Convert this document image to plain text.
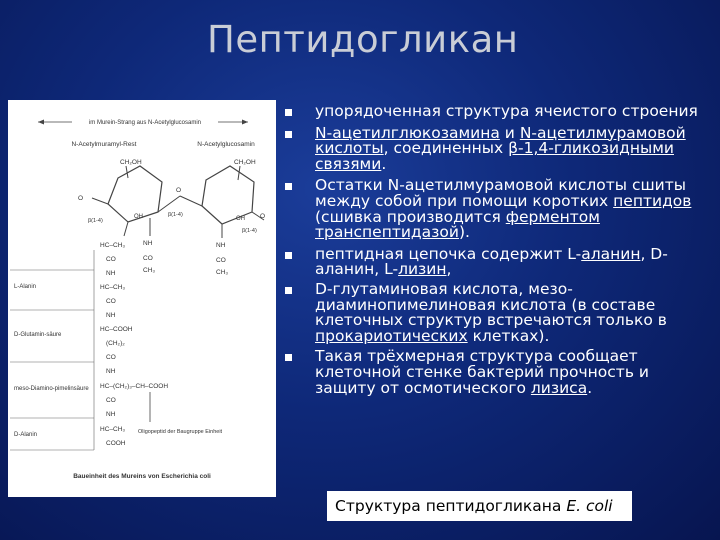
Пептидогликан
im Murein-Strang aus N-Acetylglucosamin
N-Acetylmuramyl-Rest	N-Acetylglucosamin
CH₂OH	CH₂OH
O
O
O
β(1-4)
β(1-4)
β(1-4)
OH	OH
NH
CO
CH₃
NH
CO
CH₃
HC–CH₃
CO
NH
HC–CH₃
CO
NH
HC–COOH
(CH₂)₂
CO
NH
HC–(CH₂)₃–CH–COOH
CO
NH
HC–CH₃
COOH
L-Alanin
D-Glutamin-säure
meso-Diamino-pimelinsäure
D-Alanin	Oligopeptid der Baugruppe Einheit
Baueinheit des Mureins von Escherichia coli
упорядоченная структура ячеистого строения
N-ацетилглюкозамина и N-ацетилмурамовой кислоты, соединенных β-1,4-гликозидными связями.
Остатки N-ацетилмурамовой кислоты сшиты между собой при помощи коротких пептидов (сшивка производится ферментом транспептидазой).
пептидная цепочка содержит L-аланин, D-аланин, L-лизин,
D-глутаминовая кислота, мезо-диаминопимелиновая кислота (в составе клеточных структур встречаются только в прокариотических клетках).
Такая трёхмерная структура сообщает клеточной стенке бактерий прочность и защиту от осмотического лизиса.
Структура пептидогликана E. coli
